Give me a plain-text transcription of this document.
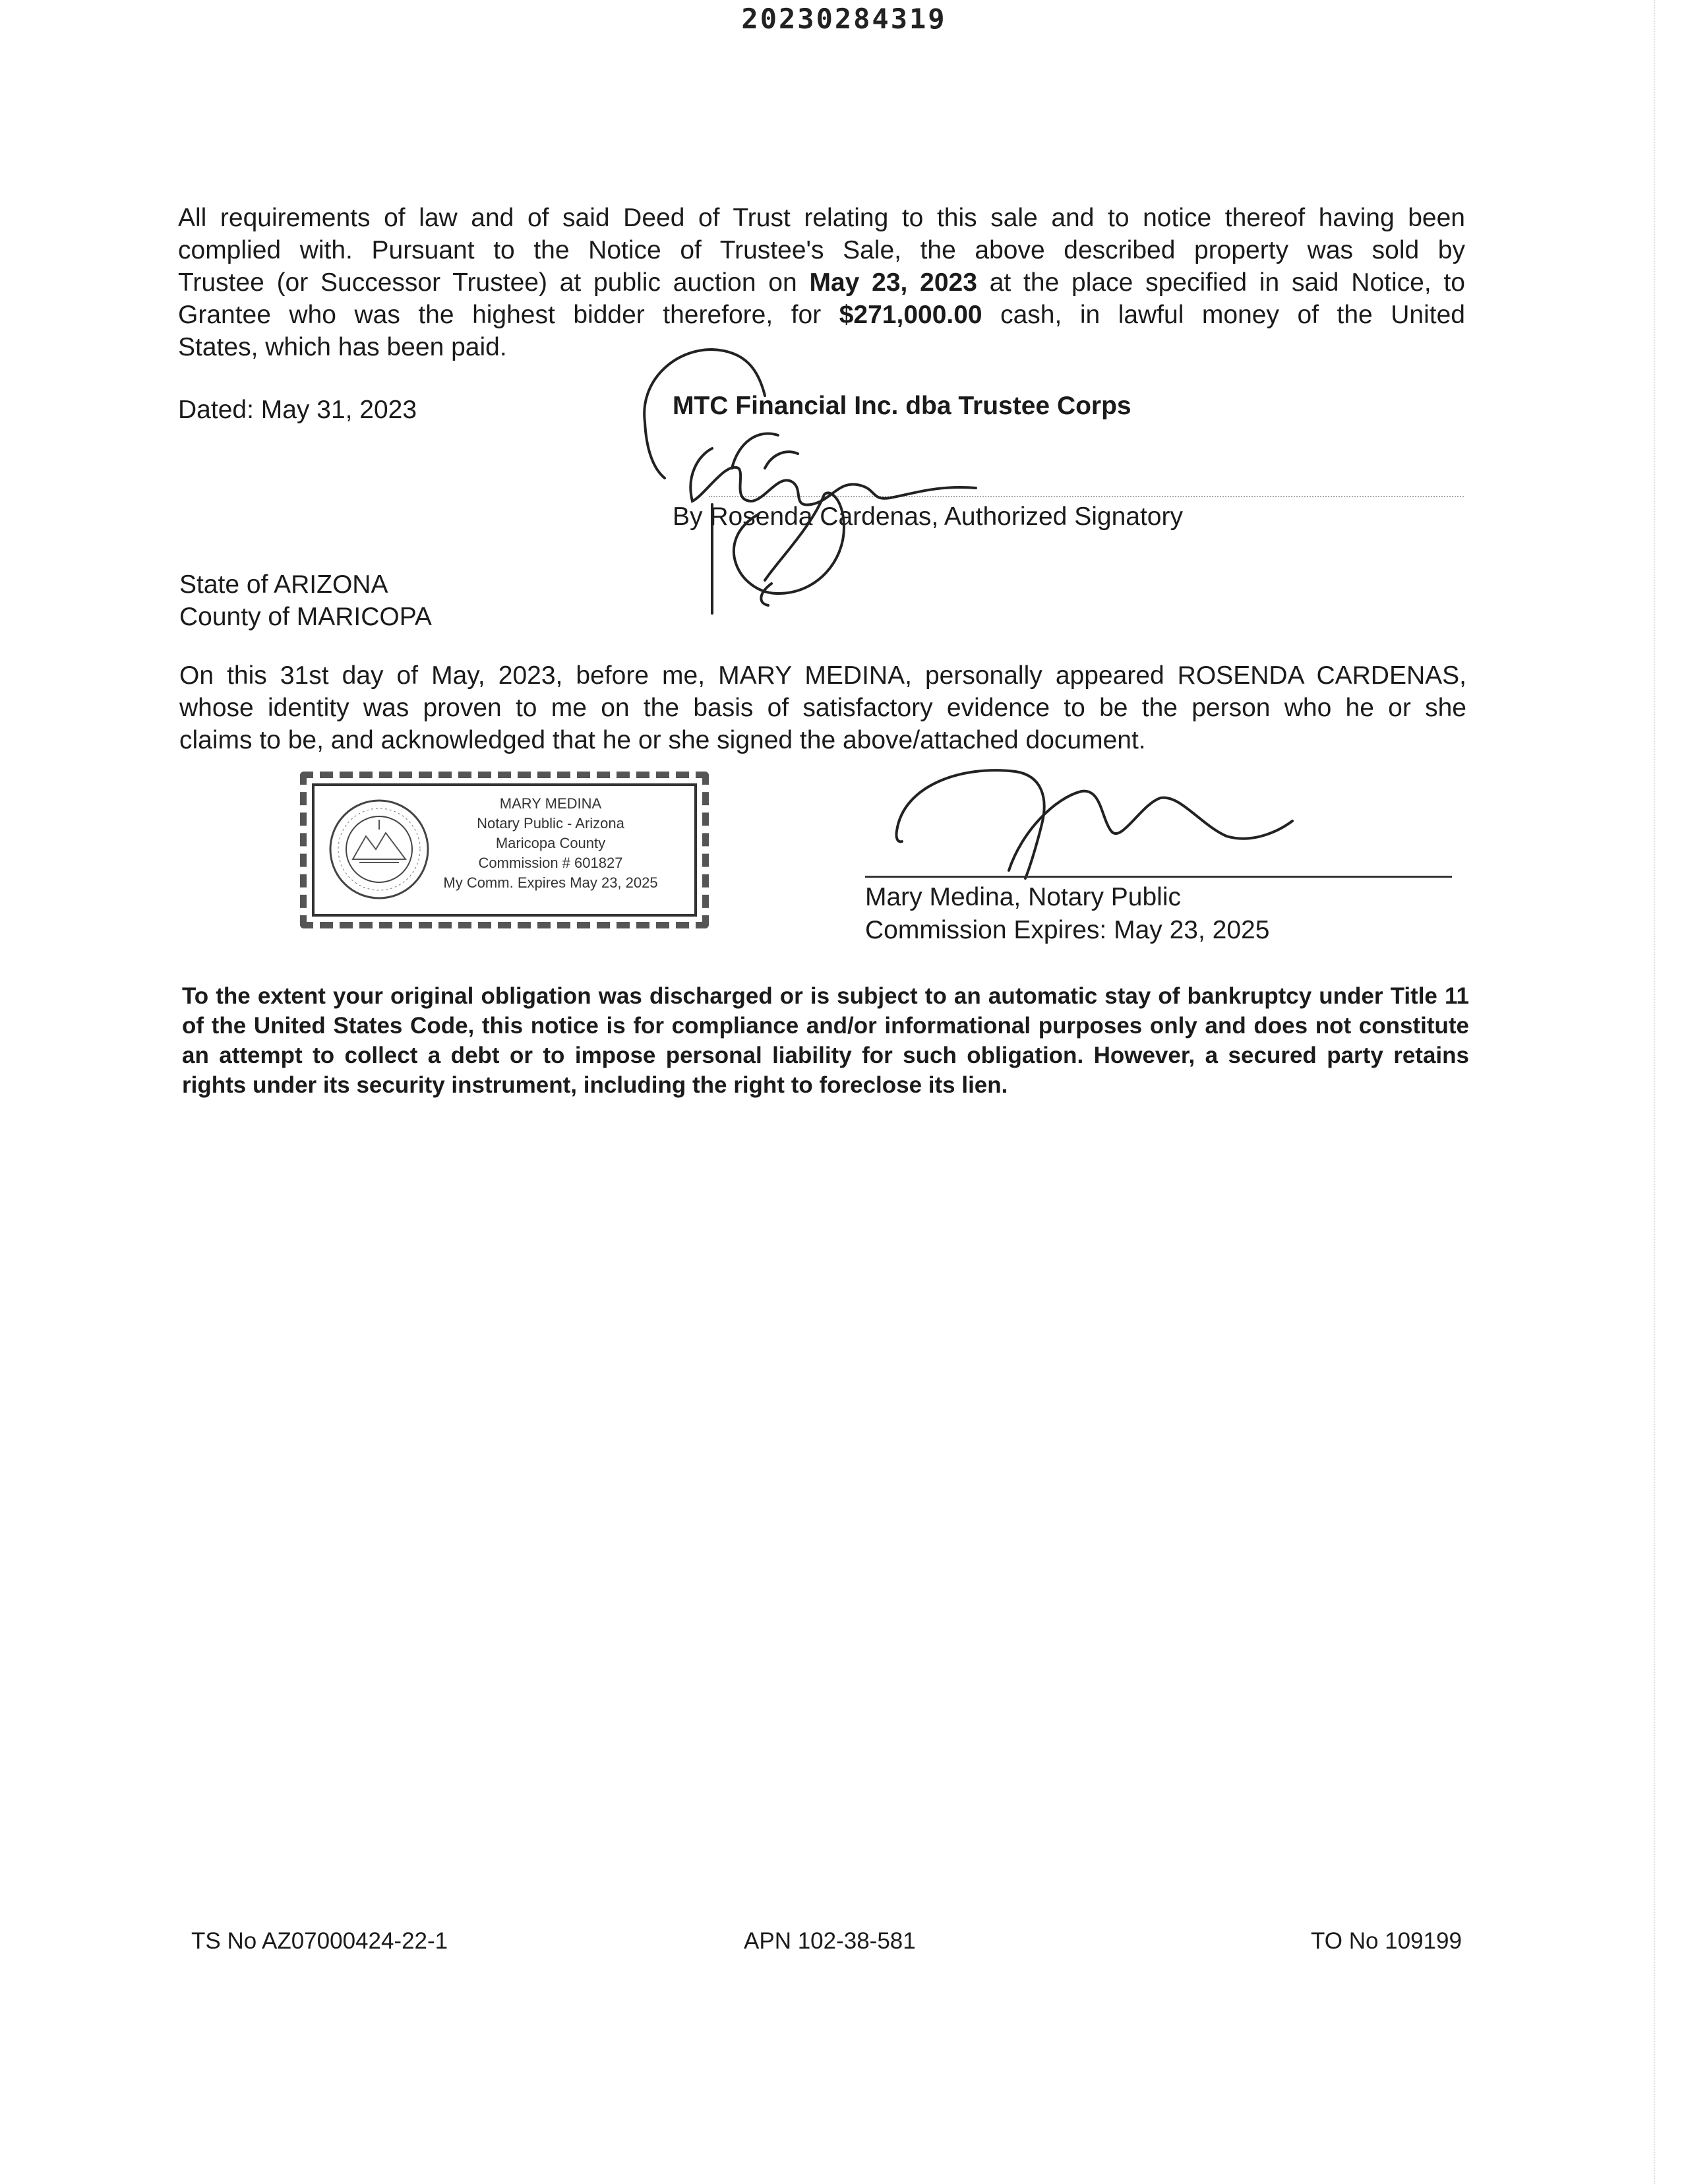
20230284319
All requirements of law and of said Deed of Trust relating to this sale and to notice thereof having been
complied with. Pursuant to the Notice of Trustee's Sale, the above described property was sold by
Trustee (or Successor Trustee) at public auction on May 23, 2023 at the place specified in said Notice, to
Grantee who was the highest bidder therefore, for $271,000.00 cash, in lawful money of the United
States, which has been paid.
Dated: May 31, 2023	MTC Financial Inc. dba Trustee Corps
By Rosenda Cardenas, Authorized Signatory
State of ARIZONA
County of MARICOPA
On this 31st day of May, 2023, before me, MARY MEDINA, personally appeared ROSENDA CARDENAS,
whose identity was proven to me on the basis of satisfactory evidence to be the person who he or she
claims to be, and acknowledged that he or she signed the above/attached document.
MARY MEDINA
Notary Public - Arizona
Maricopa County
Commission # 601827
My Comm. Expires May 23, 2025
Mary Medina, Notary Public
Commission Expires: May 23, 2025
To the extent your original obligation was discharged or is subject to an automatic stay of bankruptcy under Title 11 of the United States Code, this notice is for compliance and/or informational purposes only and does not constitute an attempt to collect a debt or to impose personal liability for such obligation. However, a secured party retains rights under its security instrument, including the right to foreclose its lien.
TS No AZ07000424-22-1	APN 102-38-581	TO No 109199
